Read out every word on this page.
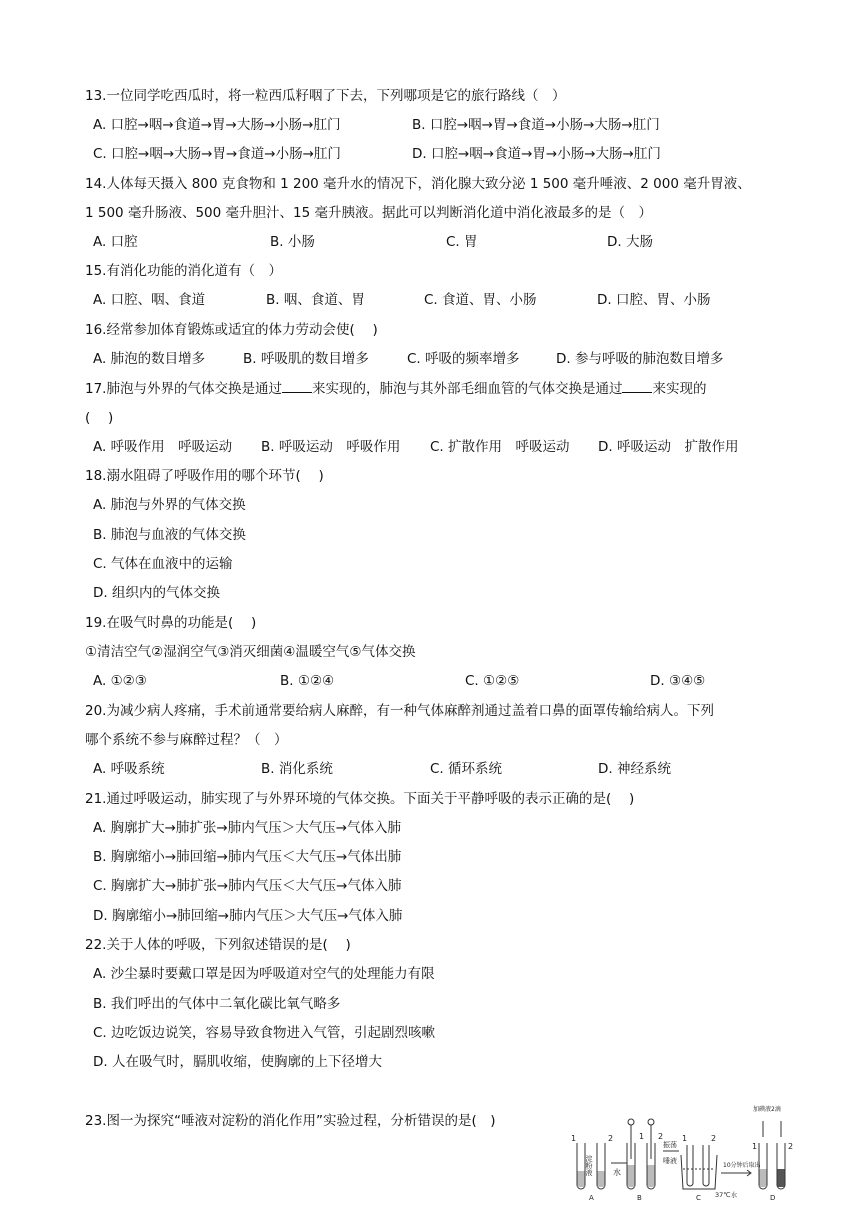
13.一位同学吃西瓜时，将一粒西瓜籽咽了下去，下列哪项是它的旅行路线（　）
A. 口腔→咽→食道→胃→大肠→小肠→肛门	B. 口腔→咽→胃→食道→小肠→大肠→肛门
C. 口腔→咽→大肠→胃→食道→小肠→肛门	D. 口腔→咽→食道→胃→小肠→大肠→肛门
14.人体每天摄入 800 克食物和 1 200 毫升水的情况下，消化腺大致分泌 1 500 毫升唾液、2 000 毫升胃液、
1 500 毫升肠液、500 毫升胆汁、15 毫升胰液。据此可以判断消化道中消化液最多的是（　）
A. 口腔	B. 小肠	C. 胃	D. 大肠
15.有消化功能的消化道有（　）
A. 口腔、咽、食道	B. 咽、食道、胃	C. 食道、胃、小肠	D. 口腔、胃、小肠
16.经常参加体育锻炼或适宜的体力劳动会使(　 )
A. 肺泡的数目增多	B. 呼吸肌的数目增多	C. 呼吸的频率增多	D. 参与呼吸的肺泡数目增多
17.肺泡与外界的气体交换是通过 来实现的，肺泡与其外部毛细血管的气体交换是通过 来实现的
(　 )
A. 呼吸作用　呼吸运动 B. 呼吸运动　呼吸作用 C. 扩散作用　呼吸运动 D. 呼吸运动　扩散作用
18.溺水阻碍了呼吸作用的哪个环节(　 )
A. 肺泡与外界的气体交换
B. 肺泡与血液的气体交换
C. 气体在血液中的运输
D. 组织内的气体交换
19.在吸气时鼻的功能是(　 )
①清洁空气②湿润空气③消灭细菌④温暖空气⑤气体交换
A. ①②③	B. ①②④	C. ①②⑤	D. ③④⑤
20.为减少病人疼痛，手术前通常要给病人麻醉，有一种气体麻醉剂通过盖着口鼻的面罩传输给病人。下列
哪个系统不参与麻醉过程？（　）
A. 呼吸系统	B. 消化系统	C. 循环系统	D. 神经系统
21.通过呼吸运动，肺实现了与外界环境的气体交换。下面关于平静呼吸的表示正确的是(　 )
A. 胸廓扩大→肺扩张→肺内气压＞大气压→气体入肺
B. 胸廓缩小→肺回缩→肺内气压＜大气压→气体出肺
C. 胸廓扩大→肺扩张→肺内气压＜大气压→气体入肺
D. 胸廓缩小→肺回缩→肺内气压＞大气压→气体入肺
22.关于人体的呼吸，下列叙述错误的是(　 )
A. 沙尘暴时要戴口罩是因为呼吸道对空气的处理能力有限
B. 我们呼出的气体中二氧化碳比氧气略多
C. 边吃饭边说笑，容易导致食物进入气管，引起剧烈咳嗽
D. 人在吸气时，膈肌收缩，使胸廓的上下径增大
23.图一为探究“唾液对淀粉的消化作用”实验过程，分析错误的是(　)
1	2
淀粉液
A
1 2
水
B
振荡
唾液
1	2
37℃水
C
10分钟后取出
加碘液2滴
1	2
D
